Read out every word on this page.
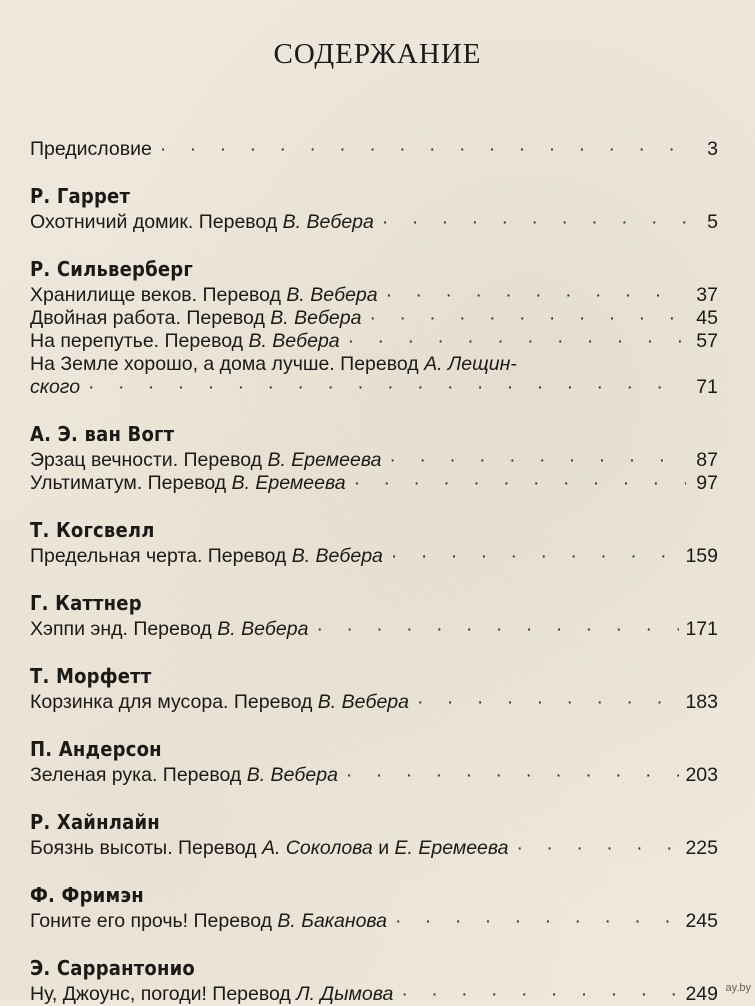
СОДЕРЖАНИЕ
Предисловие · · ·	3
Р. Гаррет
Охотничий домик. Перевод В. Вебера · · ·	5
Р. Сильверберг
Хранилище веков. Перевод В. Вебера · · ·	37
Двойная работа. Перевод В. Вебера · · ·	45
На перепутье. Перевод В. Вебера · · ·	57
На Земле хорошо, а дома лучше. Перевод А. Лещин-
ского · · ·	71
А. Э. ван Вогт
Эрзац вечности. Перевод В. Еремеева · · ·	87
Ультиматум. Перевод В. Еремеева · · ·	97
Т. Когсвелл
Предельная черта. Перевод В. Вебера · · ·	159
Г. Каттнер
Хэппи энд. Перевод В. Вебера · · ·	171
Т. Морфетт
Корзинка для мусора. Перевод В. Вебера · · ·	183
П. Андерсон
Зеленая рука. Перевод В. Вебера · · ·	203
Р. Хайнлайн
Боязнь высоты. Перевод А. Соколова и Е. Еремеева · · ·	225
Ф. Фримэн
Гоните его прочь! Перевод В. Баканова · · ·	245
Э. Саррантонио
Ну, Джоунс, погоди! Перевод Л. Дымова · · ·	249 ay.by
